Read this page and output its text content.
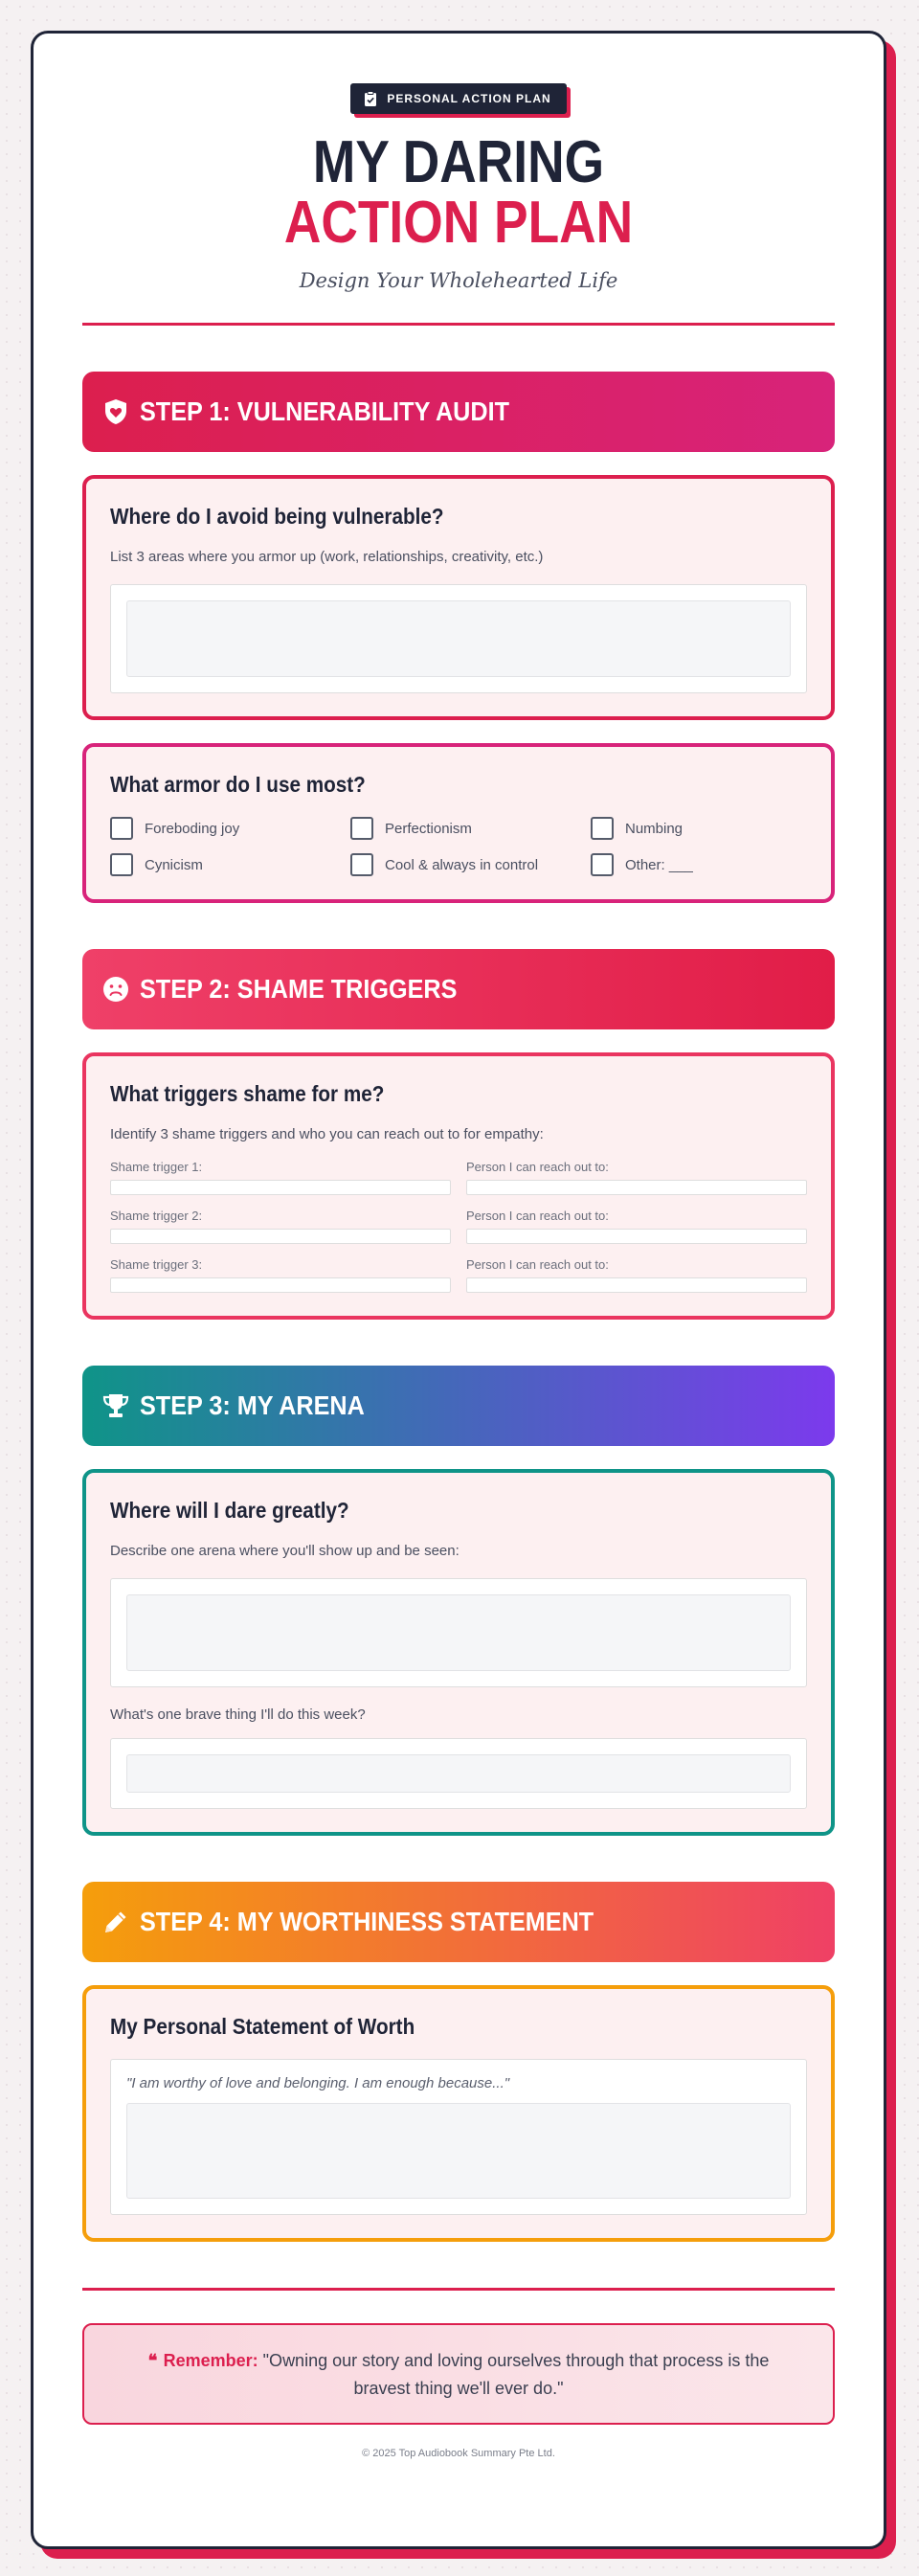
PERSONAL ACTION PLAN
MY DARING
ACTION PLAN
Design Your Wholehearted Life
STEP 1: VULNERABILITY AUDIT
Where do I avoid being vulnerable?
List 3 areas where you armor up (work, relationships, creativity, etc.)
What armor do I use most?
Foreboding joy	Perfectionism	Numbing
Cynicism	Cool & always in control	Other: ___
STEP 2: SHAME TRIGGERS
What triggers shame for me?
Identify 3 shame triggers and who you can reach out to for empathy:
Shame trigger 1:	Person I can reach out to:
Shame trigger 2:	Person I can reach out to:
Shame trigger 3:	Person I can reach out to:
STEP 3: MY ARENA
Where will I dare greatly?
Describe one arena where you'll show up and be seen:
What's one brave thing I'll do this week?
STEP 4: MY WORTHINESS STATEMENT
My Personal Statement of Worth
"I am worthy of love and belonging. I am enough because..."
❝ Remember: "Owning our story and loving ourselves through that process is the bravest thing we'll ever do."
© 2025 Top Audiobook Summary Pte Ltd.
